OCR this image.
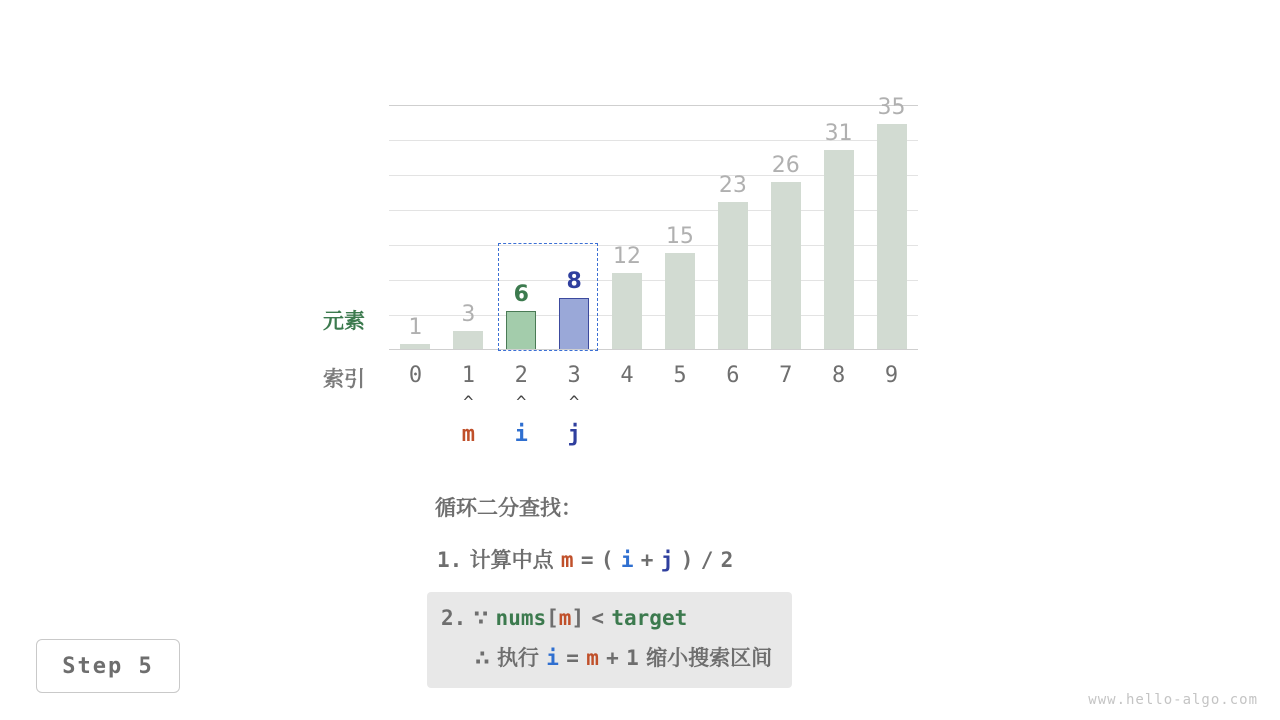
1
3
6
8
12
15
23
26
31
35
元素
索引	0	1	2	3	4	5	6	7	8	9
^
m
^
i
^
j
循环二分查找：
1. 计算中点 m = ( i + j ) / 2
2. ∵ nums[m] < target
∴ 执行 i = m + 1 缩小搜索区间
Step 5
www.hello-algo.com
